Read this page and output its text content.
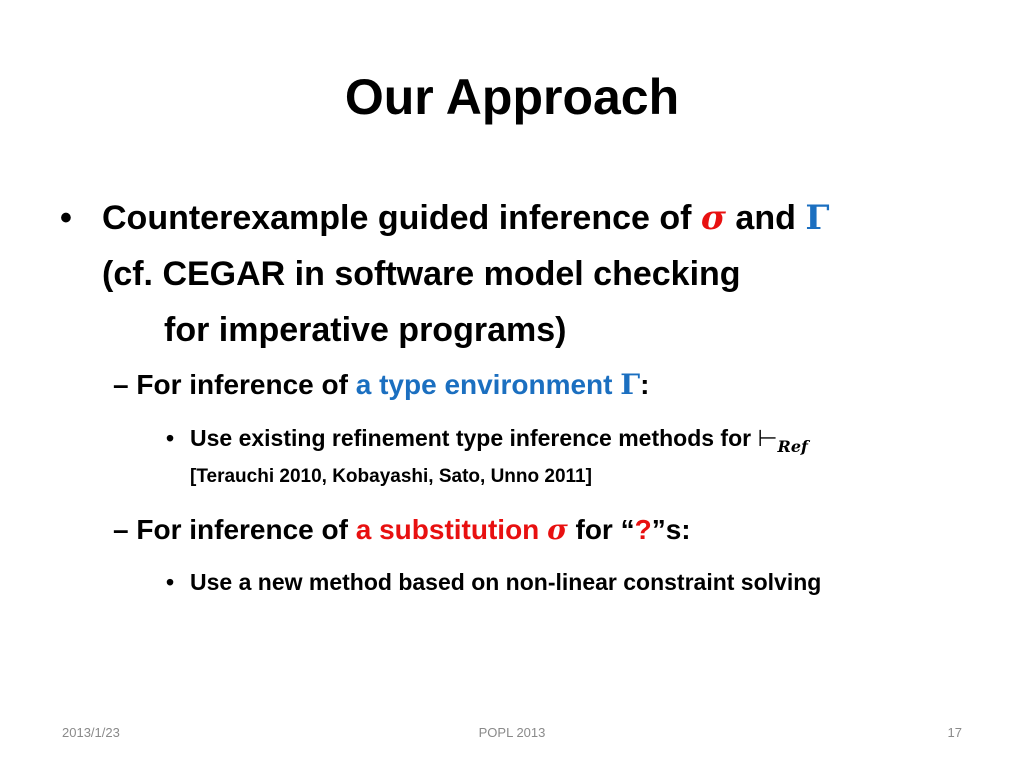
Our Approach
• Counterexample guided inference of σ and Γ
(cf. CEGAR in software model checking
for imperative programs)
– For inference of a type environment Γ:
• Use existing refinement type inference methods for $⊢_{Ref}$
[Terauchi 2010, Kobayashi, Sato, Unno 2011]
– For inference of a substitution σ for “?”s:
• Use a new method based on non-linear constraint solving
2013/1/23	POPL 2013	17
